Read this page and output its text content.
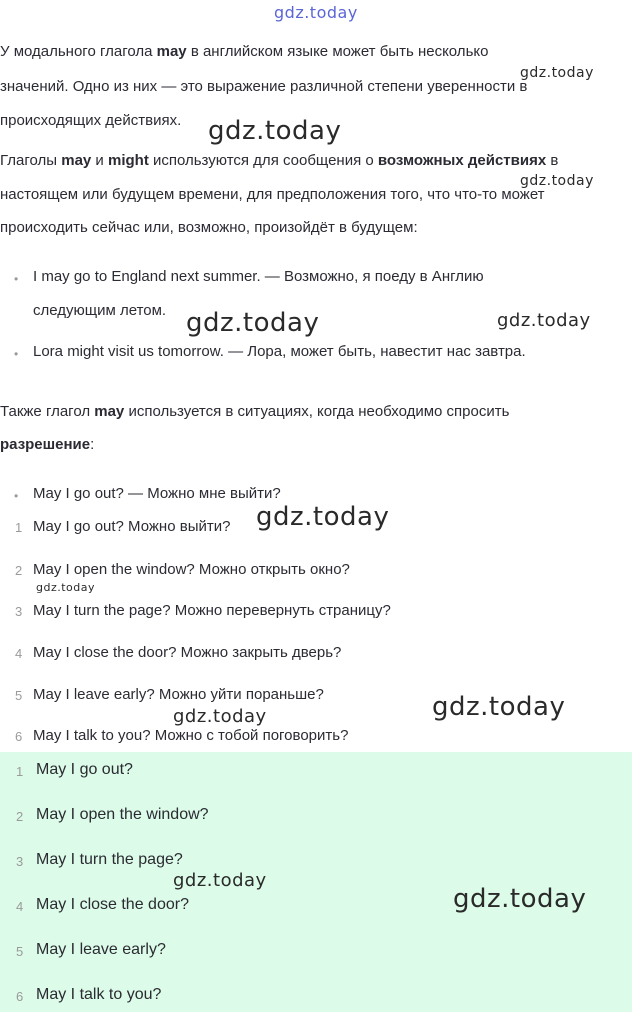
gdz.today
У модального глагола may в английском языке может быть несколько
значений. Одно из них — это выражение различной степени уверенности в
происходящих действиях.
Глаголы may и might используются для сообщения о возможных действиях в
настоящем или будущем времени, для предположения того, что что-то может
происходить сейчас или, возможно, произойдёт в будущем:
• I may go to England next summer. — Возможно, я поеду в Англию
следующим летом.
• Lora might visit us tomorrow. — Лора, может быть, навестит нас завтра.
Также глагол may используется в ситуациях, когда необходимо спросить
разрешение:
• May I go out? — Можно мне выйти?
1 May I go out? Можно выйти?
2 May I open the window? Можно открыть окно?
3 May I turn the page? Можно перевернуть страницу?
4 May I close the door? Можно закрыть дверь?
5 May I leave early? Можно уйти пораньше?
6 May I talk to you? Можно с тобой поговорить?
1 May I go out?
2 May I open the window?
3 May I turn the page?
4 May I close the door?
5 May I leave early?
6 May I talk to you?
gdz.today
gdz.today
gdz.today
gdz.today	gdz.today
gdz.today
gdz.today
gdz.today	gdz.today
gdz.today
gdz.today
